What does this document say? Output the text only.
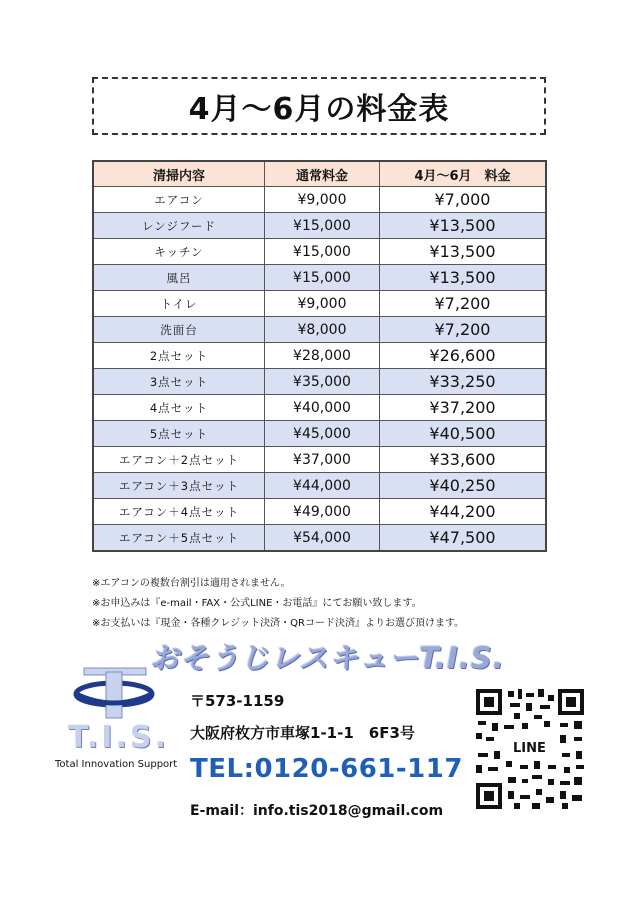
4月〜6月の料金表
清掃内容	通常料金	4月〜6月　料金
エアコン	¥9,000	¥7,000
レンジフード	¥15,000	¥13,500
キッチン	¥15,000	¥13,500
風呂	¥15,000	¥13,500
トイレ	¥9,000	¥7,200
洗面台	¥8,000	¥7,200
2点セット	¥28,000	¥26,600
3点セット	¥35,000	¥33,250
4点セット	¥40,000	¥37,200
5点セット	¥45,000	¥40,500
エアコン＋2点セット	¥37,000	¥33,600
エアコン＋3点セット	¥44,000	¥40,250
エアコン＋4点セット	¥49,000	¥44,200
エアコン＋5点セット	¥54,000	¥47,500
※エアコンの複数台割引は適用されません。
※お申込みは『e-mail・FAX・公式LINE・お電話』にてお願い致します。
※お支払いは『現金・各種クレジット決済・QRコード決済』よりお選び頂けます。
おそうじレスキューT.I.S.
T.I.S.
Total Innovation Support
〒573-1159
大阪府枚方市車塚1-1-1　6F3号
TEL:0120-661-117
E-mail：info.tis2018@gmail.com
LINE
